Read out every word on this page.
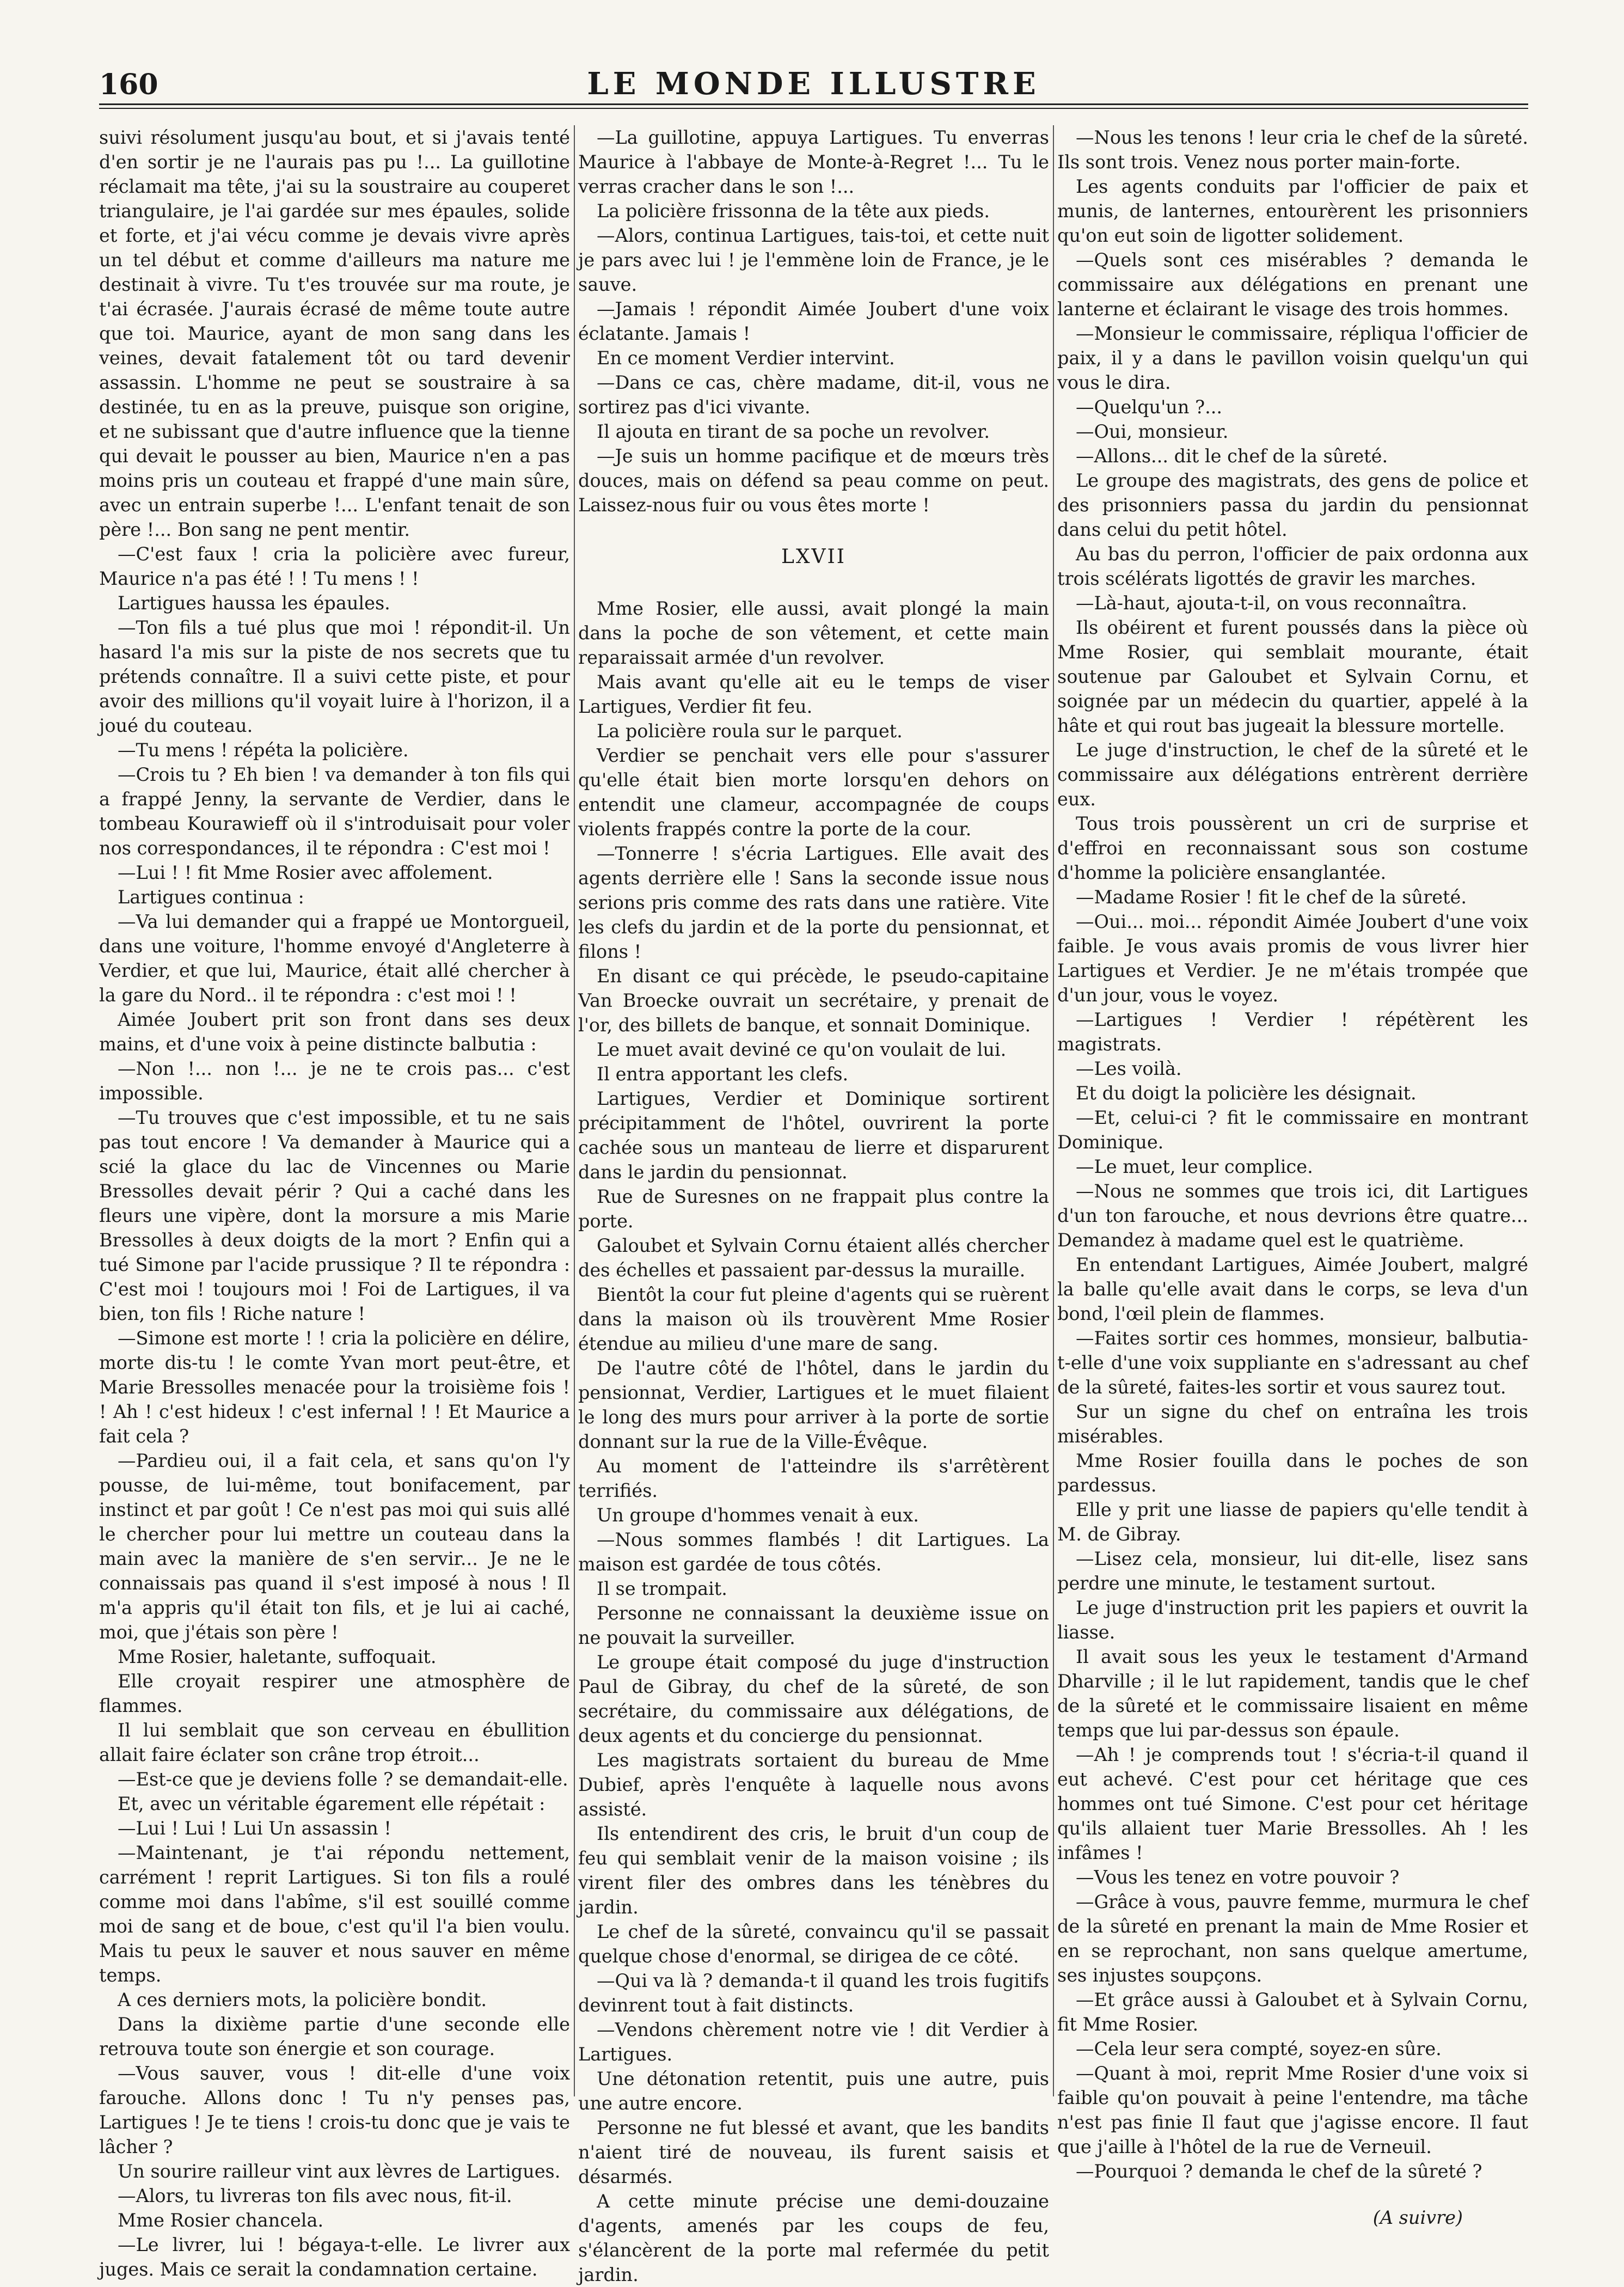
160	LE MONDE ILLUSTRE

suivi résolument jusqu'au bout, et si j'avais tenté d'en sortir je ne l'aurais pas pu !... La guillotine réclamait ma tête, j'ai su la soustraire au couperet triangulaire, je l'ai gardée sur mes épaules, solide et forte, et j'ai vécu comme je devais vivre après un tel début et comme d'ailleurs ma nature me destinait à vivre. Tu t'es trouvée sur ma route, je t'ai écrasée. J'aurais écrasé de même toute autre que toi. Maurice, ayant de mon sang dans les veines, devait fatalement tôt ou tard devenir assassin. L'homme ne peut se soustraire à sa destinée, tu en as la preuve, puisque son origine, et ne subissant que d'autre influence que la tienne qui devait le pousser au bien, Maurice n'en a pas moins pris un couteau et frappé d'une main sûre, avec un entrain superbe !... L'enfant tenait de son père !... Bon sang ne pent mentir.

—C'est faux ! cria la policière avec fureur, Maurice n'a pas été ! ! Tu mens ! !

Lartigues haussa les épaules.

—Ton fils a tué plus que moi ! répondit-il. Un hasard l'a mis sur la piste de nos secrets que tu prétends connaître. Il a suivi cette piste, et pour avoir des millions qu'il voyait luire à l'horizon, il a joué du couteau.

—Tu mens ! répéta la policière.

—Crois tu ? Eh bien ! va demander à ton fils qui a frappé Jenny, la servante de Verdier, dans le tombeau Kourawieff où il s'introduisait pour voler nos correspondances, il te répondra : C'est moi !

—Lui ! ! fit Mme Rosier avec affolement.

Lartigues continua :

—Va lui demander qui a frappé ue Montorgueil, dans une voiture, l'homme envoyé d'Angleterre à Verdier, et que lui, Maurice, était allé chercher à la gare du Nord.. il te répondra : c'est moi ! !

Aimée Joubert prit son front dans ses deux mains, et d'une voix à peine distincte balbutia :

—Non !... non !... je ne te crois pas... c'est impossible.

—Tu trouves que c'est impossible, et tu ne sais pas tout encore ! Va demander à Maurice qui a scié la glace du lac de Vincennes ou Marie Bressolles devait périr ? Qui a caché dans les fleurs une vipère, dont la morsure a mis Marie Bressolles à deux doigts de la mort ? Enfin qui a tué Simone par l'acide prussique ? Il te répondra : C'est moi ! toujours moi ! Foi de Lartigues, il va bien, ton fils ! Riche nature !

—Simone est morte ! ! cria la policière en délire, morte dis-tu ! le comte Yvan mort peut-être, et Marie Bressolles menacée pour la troisième fois ! ! Ah ! c'est hideux ! c'est infernal ! ! Et Maurice a fait cela ?

—Pardieu oui, il a fait cela, et sans qu'on l'y pousse, de lui-même, tout bonifacement, par instinct et par goût ! Ce n'est pas moi qui suis allé le chercher pour lui mettre un couteau dans la main avec la manière de s'en servir... Je ne le connaissais pas quand il s'est imposé à nous ! Il m'a appris qu'il était ton fils, et je lui ai caché, moi, que j'étais son père !

Mme Rosier, haletante, suffoquait.

Elle croyait respirer une atmosphère de flammes.

Il lui semblait que son cerveau en ébullition allait faire éclater son crâne trop étroit...

—Est-ce que je deviens folle ? se demandait-elle.

Et, avec un véritable égarement elle répétait :

—Lui ! Lui ! Lui Un assassin !

—Maintenant, je t'ai répondu nettement, carrément ! reprit Lartigues. Si ton fils a roulé comme moi dans l'abîme, s'il est souillé comme moi de sang et de boue, c'est qu'il l'a bien voulu. Mais tu peux le sauver et nous sauver en même temps.

A ces derniers mots, la policière bondit.

Dans la dixième partie d'une seconde elle retrouva toute son énergie et son courage.

—Vous sauver, vous ! dit-elle d'une voix farouche. Allons donc ! Tu n'y penses pas, Lartigues ! Je te tiens ! crois-tu donc que je vais te lâcher ?

Un sourire railleur vint aux lèvres de Lartigues.

—Alors, tu livreras ton fils avec nous, fit-il.

Mme Rosier chancela.

—Le livrer, lui ! bégaya-t-elle. Le livrer aux juges. Mais ce serait la condamnation certaine.

—La guillotine, appuya Lartigues. Tu enverras Maurice à l'abbaye de Monte-à-Regret !... Tu le verras cracher dans le son !...

La policière frissonna de la tête aux pieds.

—Alors, continua Lartigues, tais-toi, et cette nuit je pars avec lui ! je l'emmène loin de France, je le sauve.

—Jamais ! répondit Aimée Joubert d'une voix éclatante. Jamais !

En ce moment Verdier intervint.

—Dans ce cas, chère madame, dit-il, vous ne sortirez pas d'ici vivante.

Il ajouta en tirant de sa poche un revolver.

—Je suis un homme pacifique et de mœurs très douces, mais on défend sa peau comme on peut. Laissez-nous fuir ou vous êtes morte !

LXVII

Mme Rosier, elle aussi, avait plongé la main dans la poche de son vêtement, et cette main reparaissait armée d'un revolver.

Mais avant qu'elle ait eu le temps de viser Lartigues, Verdier fit feu.

La policière roula sur le parquet.

Verdier se penchait vers elle pour s'assurer qu'elle était bien morte lorsqu'en dehors on entendit une clameur, accompagnée de coups violents frappés contre la porte de la cour.

—Tonnerre ! s'écria Lartigues. Elle avait des agents derrière elle ! Sans la seconde issue nous serions pris comme des rats dans une ratière. Vite les clefs du jardin et de la porte du pensionnat, et filons !

En disant ce qui précède, le pseudo-capitaine Van Broecke ouvrait un secrétaire, y prenait de l'or, des billets de banque, et sonnait Dominique.

Le muet avait deviné ce qu'on voulait de lui.

Il entra apportant les clefs.

Lartigues, Verdier et Dominique sortirent précipitamment de l'hôtel, ouvrirent la porte cachée sous un manteau de lierre et disparurent dans le jardin du pensionnat.

Rue de Suresnes on ne frappait plus contre la porte.

Galoubet et Sylvain Cornu étaient allés chercher des échelles et passaient par-dessus la muraille.

Bientôt la cour fut pleine d'agents qui se ruèrent dans la maison où ils trouvèrent Mme Rosier étendue au milieu d'une mare de sang.

De l'autre côté de l'hôtel, dans le jardin du pensionnat, Verdier, Lartigues et le muet filaient le long des murs pour arriver à la porte de sortie donnant sur la rue de la Ville-Évêque.

Au moment de l'atteindre ils s'arrêtèrent terrifiés.

Un groupe d'hommes venait à eux.

—Nous sommes flambés ! dit Lartigues. La maison est gardée de tous côtés.

Il se trompait.

Personne ne connaissant la deuxième issue on ne pouvait la surveiller.

Le groupe était composé du juge d'instruction Paul de Gibray, du chef de la sûreté, de son secrétaire, du commissaire aux délégations, de deux agents et du concierge du pensionnat.

Les magistrats sortaient du bureau de Mme Dubief, après l'enquête à laquelle nous avons assisté.

Ils entendirent des cris, le bruit d'un coup de feu qui semblait venir de la maison voisine ; ils virent filer des ombres dans les ténèbres du jardin.

Le chef de la sûreté, convaincu qu'il se passait quelque chose d'enormal, se dirigea de ce côté.

—Qui va là ? demanda-t il quand les trois fugitifs devinrent tout à fait distincts.

—Vendons chèrement notre vie ! dit Verdier à Lartigues.

Une détonation retentit, puis une autre, puis une autre encore.

Personne ne fut blessé et avant, que les bandits n'aient tiré de nouveau, ils furent saisis et désarmés.

A cette minute précise une demi-douzaine d'agents, amenés par les coups de feu, s'élancèrent de la porte mal refermée du petit jardin.

—Nous les tenons ! leur cria le chef de la sûreté. Ils sont trois. Venez nous porter main-forte.

Les agents conduits par l'officier de paix et munis, de lanternes, entourèrent les prisonniers qu'on eut soin de ligotter solidement.

—Quels sont ces misérables ? demanda le commissaire aux délégations en prenant une lanterne et éclairant le visage des trois hommes.

—Monsieur le commissaire, répliqua l'officier de paix, il y a dans le pavillon voisin quelqu'un qui vous le dira.

—Quelqu'un ?...

—Oui, monsieur.

—Allons... dit le chef de la sûreté.

Le groupe des magistrats, des gens de police et des prisonniers passa du jardin du pensionnat dans celui du petit hôtel.

Au bas du perron, l'officier de paix ordonna aux trois scélérats ligottés de gravir les marches.

—Là-haut, ajouta-t-il, on vous reconnaîtra.

Ils obéirent et furent poussés dans la pièce où Mme Rosier, qui semblait mourante, était soutenue par Galoubet et Sylvain Cornu, et soignée par un médecin du quartier, appelé à la hâte et qui rout bas jugeait la blessure mortelle.

Le juge d'instruction, le chef de la sûreté et le commissaire aux délégations entrèrent derrière eux.

Tous trois poussèrent un cri de surprise et d'effroi en reconnaissant sous son costume d'homme la policière ensanglantée.

—Madame Rosier ! fit le chef de la sûreté.

—Oui... moi... répondit Aimée Joubert d'une voix faible. Je vous avais promis de vous livrer hier Lartigues et Verdier. Je ne m'étais trompée que d'un jour, vous le voyez.

—Lartigues ! Verdier ! répétèrent les magistrats.

—Les voilà.

Et du doigt la policière les désignait.

—Et, celui-ci ? fit le commissaire en montrant Dominique.

—Le muet, leur complice.

—Nous ne sommes que trois ici, dit Lartigues d'un ton farouche, et nous devrions être quatre... Demandez à madame quel est le quatrième.

En entendant Lartigues, Aimée Joubert, malgré la balle qu'elle avait dans le corps, se leva d'un bond, l'œil plein de flammes.

—Faites sortir ces hommes, monsieur, balbutia-t-elle d'une voix suppliante en s'adressant au chef de la sûreté, faites-les sortir et vous saurez tout.

Sur un signe du chef on entraîna les trois misérables.

Mme Rosier fouilla dans le poches de son pardessus.

Elle y prit une liasse de papiers qu'elle tendit à M. de Gibray.

—Lisez cela, monsieur, lui dit-elle, lisez sans perdre une minute, le testament surtout.

Le juge d'instruction prit les papiers et ouvrit la liasse.

Il avait sous les yeux le testament d'Armand Dharville ; il le lut rapidement, tandis que le chef de la sûreté et le commissaire lisaient en même temps que lui par-dessus son épaule.

—Ah ! je comprends tout ! s'écria-t-il quand il eut achevé. C'est pour cet héritage que ces hommes ont tué Simone. C'est pour cet héritage qu'ils allaient tuer Marie Bressolles. Ah ! les infâmes !

—Vous les tenez en votre pouvoir ?

—Grâce à vous, pauvre femme, murmura le chef de la sûreté en prenant la main de Mme Rosier et en se reprochant, non sans quelque amertume, ses injustes soupçons.

—Et grâce aussi à Galoubet et à Sylvain Cornu, fit Mme Rosier.

—Cela leur sera compté, soyez-en sûre.

—Quant à moi, reprit Mme Rosier d'une voix si faible qu'on pouvait à peine l'entendre, ma tâche n'est pas finie Il faut que j'agisse encore. Il faut que j'aille à l'hôtel de la rue de Verneuil.

—Pourquoi ? demanda le chef de la sûreté ?

(A suivre)
